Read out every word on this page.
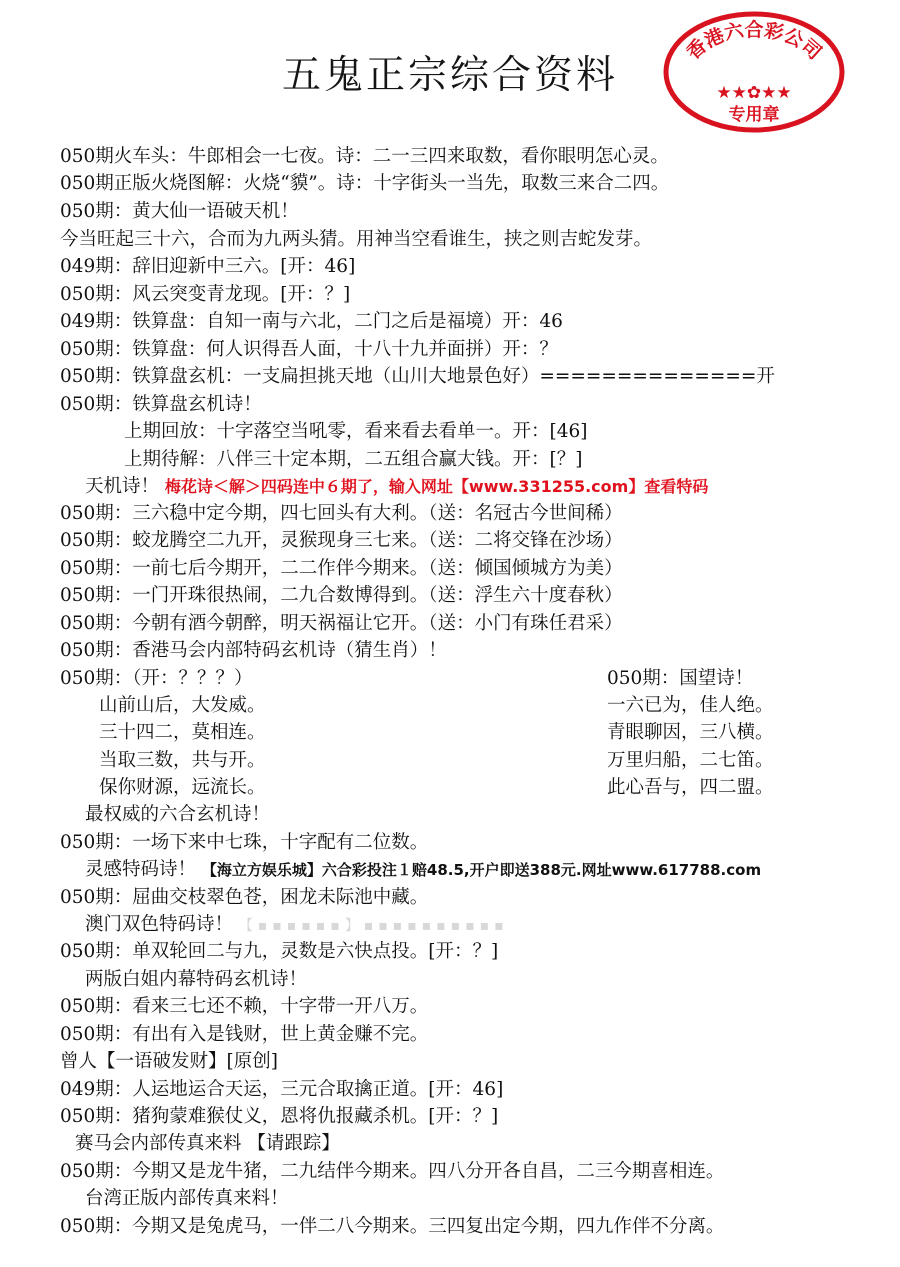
五鬼正宗综合资料
香港六合彩公司
★★✿★★
专用章
050期火车头：牛郎相会一七夜。诗：二一三四来取数，看你眼明怎心灵。
050期正版火烧图解：火烧“貘”。诗：十字街头一当先，取数三来合二四。
050期：黄大仙一语破天机！
今当旺起三十六，合而为九两头猜。用神当空看谁生，挟之则吉蛇发芽。
049期：辞旧迎新中三六。[开：46]
050期：风云突变青龙现。[开：？]
049期：铁算盘：自知一南与六北，二门之后是福境）开：46
050期：铁算盘：何人识得吾人面，十八十九并面拼）开：？
050期：铁算盘玄机：一支扁担挑天地（山川大地景色好）==============开
050期：铁算盘玄机诗！
上期回放：十字落空当吼零，看来看去看单一。开：[46]
上期待解：八伴三十定本期，二五组合赢大钱。开：[？]
天机诗！ 梅花诗＜解＞四码连中６期了，输入网址【www.331255.com】查看特码
050期：三六稳中定今期，四七回头有大利。（送：名冠古今世间稀）
050期：蛟龙腾空二九开，灵猴现身三七来。（送：二将交锋在沙场）
050期：一前七后今期开，二二作伴今期来。（送：倾国倾城方为美）
050期：一门开珠很热闹，二九合数博得到。（送：浮生六十度春秋）
050期：今朝有酒今朝醉，明天祸福让它开。（送：小门有珠任君采）
050期：香港马会内部特码玄机诗（猜生肖）！
050期：（开：？？？）
山前山后，大发威。
三十四二，莫相连。
当取三数，共与开。
保你财源，远流长。
050期：国望诗！
一六已为，佳人绝。
青眼聊因，三八横。
万里归船，二七笛。
此心吾与，四二盟。
最权威的六合玄机诗！
050期：一场下来中七珠，十字配有二位数。
灵感特码诗！ 【海立方娱乐城】六合彩投注１赔48.5,开户即送388元.网址www.617788.com
050期：屈曲交枝翠色苍，困龙未际池中藏。
澳门双色特码诗！ 【▪▪▪▪▪▪】▪▪▪▪▪▪▪▪▪▪
050期：单双轮回二与九，灵数是六快点投。[开：？]
两版白姐内幕特码玄机诗！
050期：看来三七还不赖，十字带一开八万。
050期：有出有入是钱财，世上黄金赚不完。
曾人【一语破发财】[原创]
049期：人运地运合天运，三元合取擒正道。[开：46]
050期：猪狗蒙难猴仗义，恩将仇报藏杀机。[开：？]
赛马会内部传真来料 【请跟踪】
050期：今期又是龙牛猪，二九结伴今期来。四八分开各自昌，二三今期喜相连。
台湾正版内部传真来料！
050期：今期又是兔虎马，一伴二八今期来。三四复出定今期，四九作伴不分离。
